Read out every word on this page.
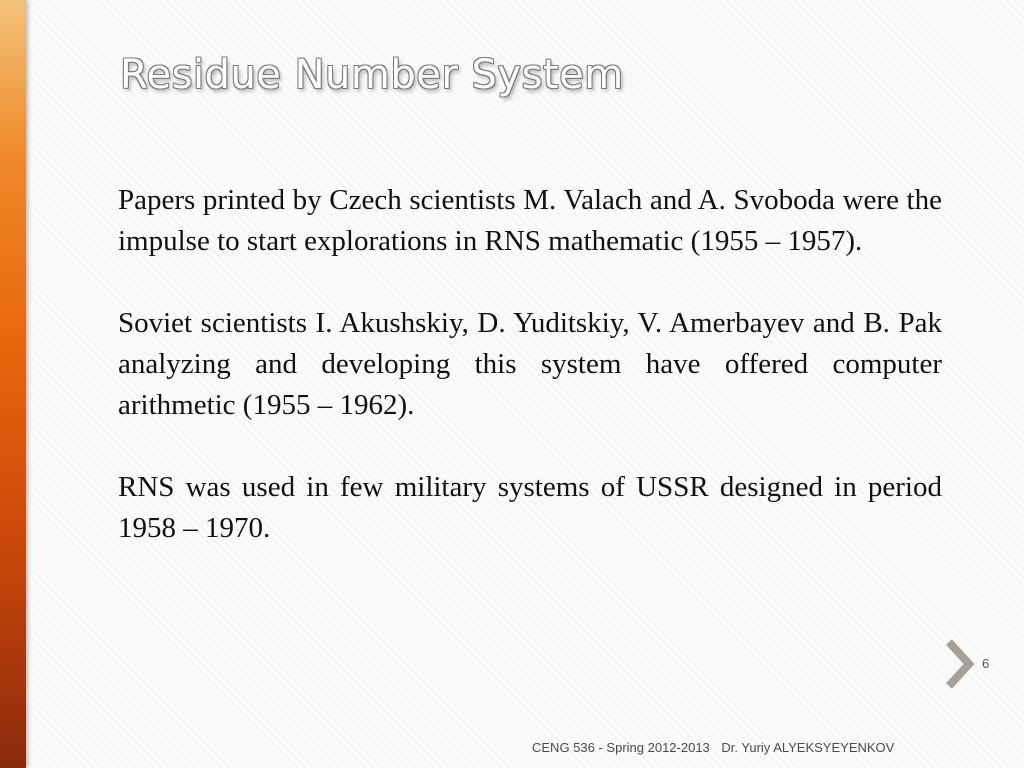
Residue Number System

Papers printed by Czech scientists M. Valach and A. Svoboda were the impulse to start explorations in RNS mathematic (1955 – 1957).

Soviet scientists I. Akushskiy, D. Yuditskiy, V. Amerbayev and B. Pak analyzing and developing this system have offered computer arithmetic (1955 – 1962).

RNS was used in few military systems of USSR designed in period 1958 – 1970.

6
CENG 536 - Spring 2012-2013 Dr. Yuriy ALYEKSYEYENKOV
